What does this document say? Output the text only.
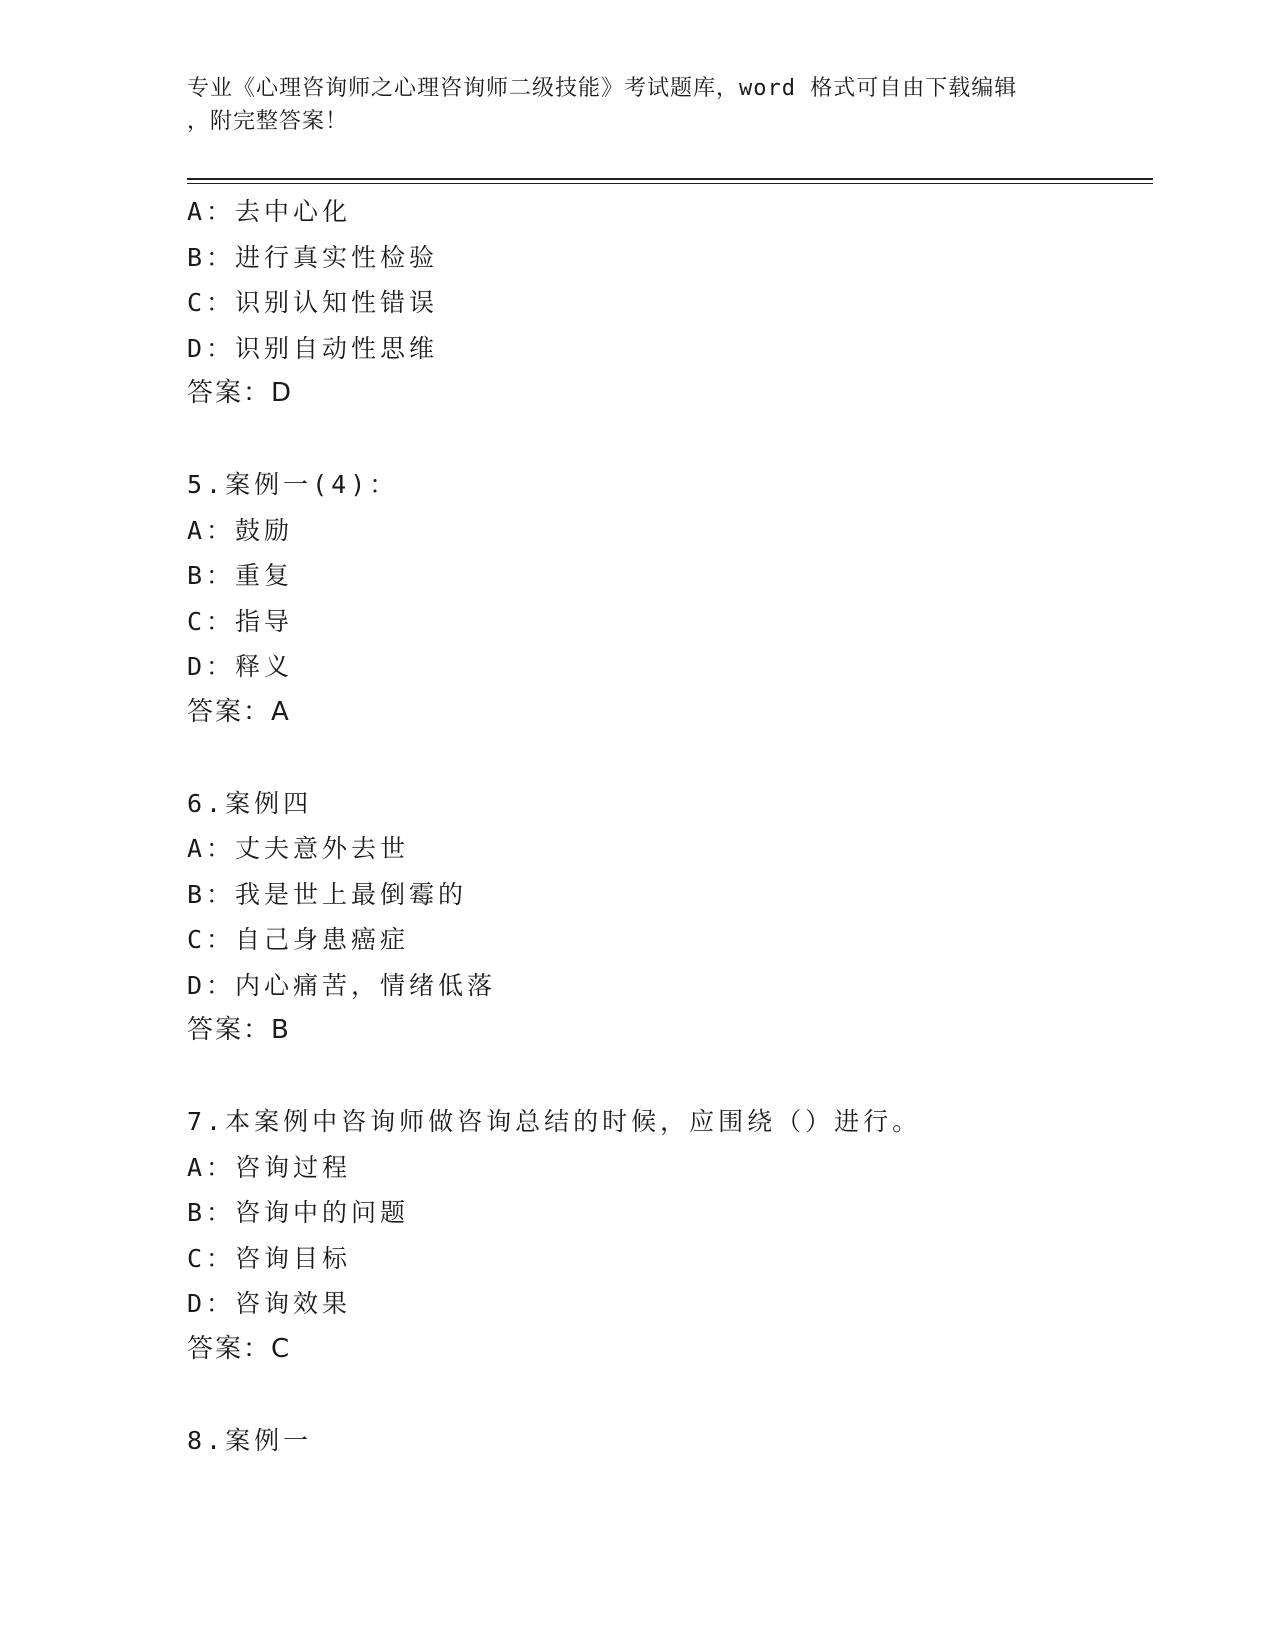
专业《心理咨询师之心理咨询师二级技能》考试题库，word 格式可自由下载编辑
，附完整答案！
A：去中心化
B：进行真实性检验
C：识别认知性错误
D：识别自动性思维
答案：D
5.案例一(4)：
A：鼓励
B：重复
C：指导
D：释义
答案：A
6.案例四
A：丈夫意外去世
B：我是世上最倒霉的
C：自己身患癌症
D：内心痛苦，情绪低落
答案：B
7.本案例中咨询师做咨询总结的时候，应围绕（）进行。
A：咨询过程
B：咨询中的问题
C：咨询目标
D：咨询效果
答案：C
8.案例一
